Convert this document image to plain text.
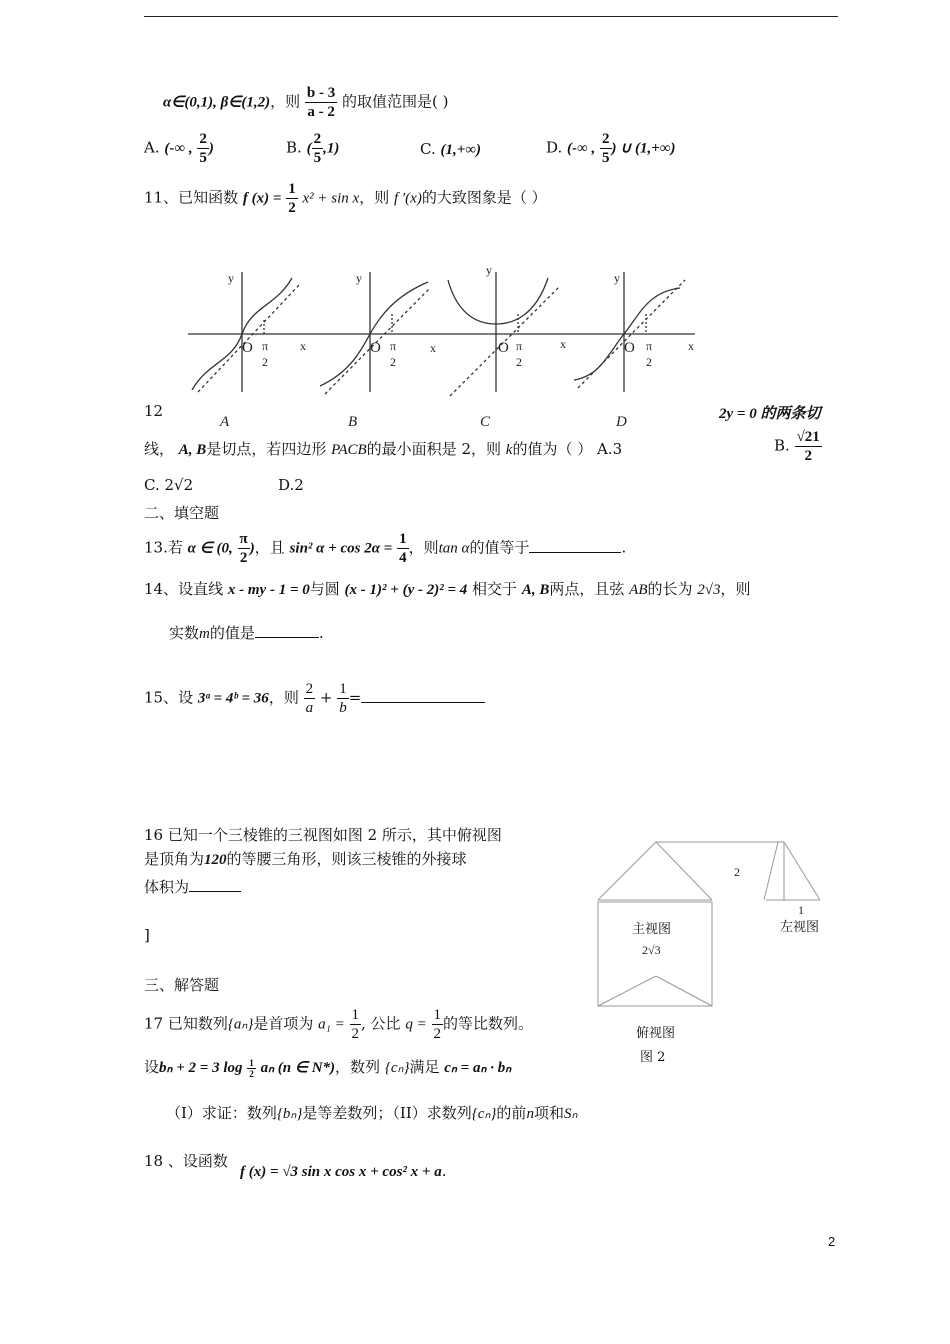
α∈(0,1), β∈(1,2)，则 $\frac{b - 3}{a - 2}$ 的取值范围是( )
A. (-∞ , $\frac{2}{5}$ )	B. ( $\frac{2}{5} ,1$)	C. (1,+∞)	D. (-∞ , $\frac{2}{5}$ ) ∪ (1,+∞)
11、已知函数 f $(x) = \frac{1}{2} x^2 + \sin x$，则 f ′(x)的大致图象是（ ）
y
x
O π
2
A
y
x
O π
2
B
y
x
O π
2
C
y
x
O π
2
D
12	2y = 0 的两条切
线， A, B是切点，若四边形 PACB的最小面积是 2，则 k的值为（ ） A.3	B. $\frac{√21}{2}$
C. 2√2	D.2
二、填空题
13.若 α ∈ (0, $\frac{\pi}{2}$ )，且 sin² $\alpha + \cos 2\alpha = \frac{1}{4}$ ，则tan α的值等于	.
14、设直线 x - my - 1 = 0与圆 (x - 1)² + (y - 2)² = 4 相交于 A, B两点，且弦 AB的长为 2√3，则
实数m的值是	.
15、设 3ᵃ = 4ᵇ = 36，则 $\frac{2}{a} + \frac{1}{b}$ =
16 已知一个三棱锥的三视图如图 2 所示，其中俯视图
是顶角为120的等腰三角形，则该三棱锥的外接球
体积为
]
2
1
2√3
主视图	左视图
俯视图
图 2
三、解答题
17 已知数列{aₙ}是首项为 $a_1 = \frac{1}{2}$ , 公比 $q = \frac{1}{2}$ 的等比数列。
设bₙ + 2 = 3 $\log \frac{1}{2}$ aₙ (n ∈ N*)，数列 {cₙ}满足 cₙ = aₙ · bₙ
（I）求证：数列{bₙ}是等差数列；（II）求数列{cₙ}的前n项和Sₙ
18 、设函数
f (x) = √3 sin x cos x + cos² x + a.
2
